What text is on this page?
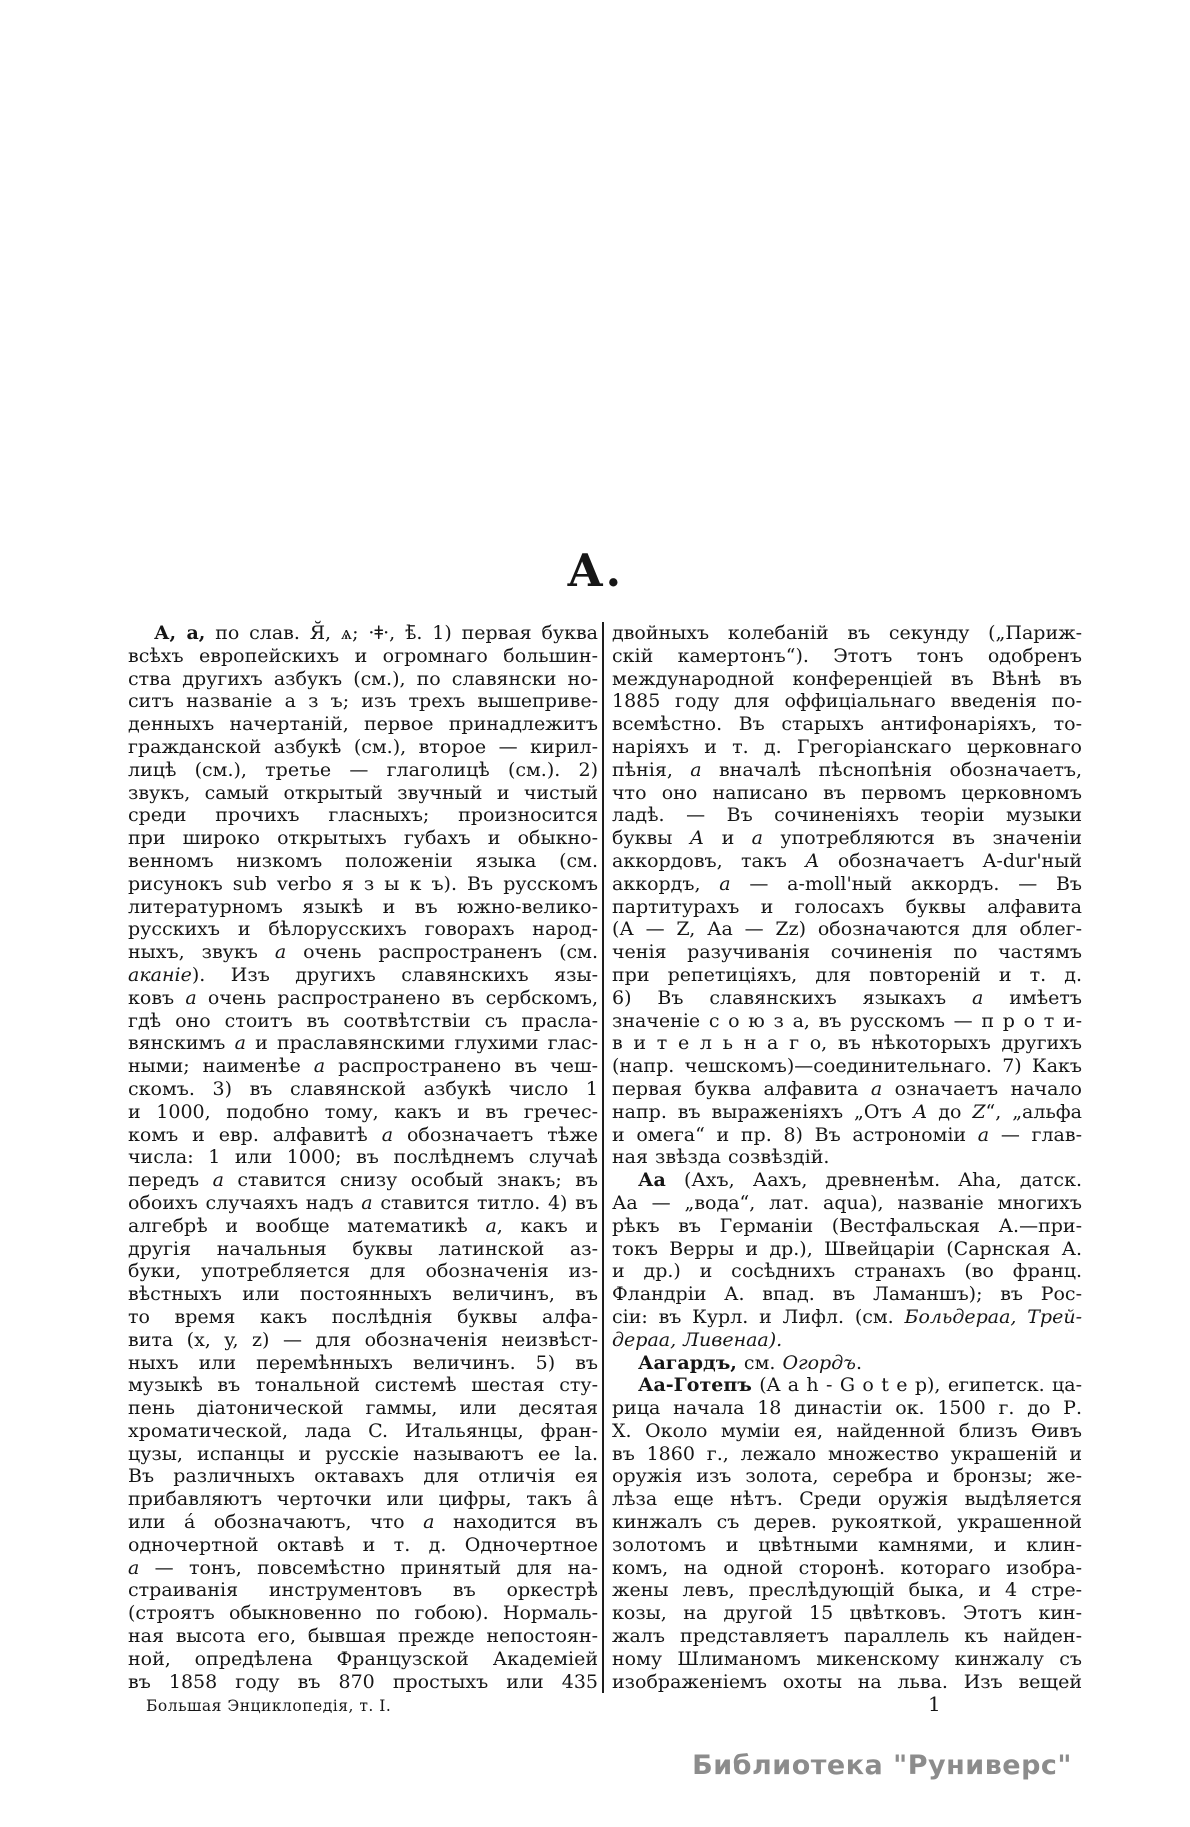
А.
А, а, по слав. Я̆, ѧ; ·ǂ·, ѣ̄. 1) первая буква
всѣхъ европейскихъ и огромнаго большин-
ства другихъ азбукъ (см.), по славянски но-
ситъ названіе а з ъ; изъ трехъ вышеприве-
денныхъ начертаній, первое принадлежитъ
гражданской азбукѣ (см.), второе — кирил-
лицѣ (см.), третье — глаголицѣ (см.). 2)
звукъ, самый открытый звучный и чистый
среди прочихъ гласныхъ; произносится
при широко открытыхъ губахъ и обыкно-
венномъ низкомъ положеніи языка (см.
рисунокъ sub verbo я з ы к ъ). Въ русскомъ
литературномъ языкѣ и въ южно-велико-
русскихъ и бѣлорусскихъ говорахъ народ-
ныхъ, звукъ а очень распространенъ (см.
аканіе). Изъ другихъ славянскихъ язы-
ковъ а очень распространено въ сербскомъ,
гдѣ оно стоитъ въ соотвѣтствіи съ прасла-
вянскимъ а и праславянскими глухими глас-
ными; наименѣе а распространено въ чеш-
скомъ. 3) въ славянской азбукѣ число 1
и 1000, подобно тому, какъ и въ гречес-
комъ и евр. алфавитѣ а обозначаетъ тѣже
числа: 1 или 1000; въ послѣднемъ случаѣ
передъ а ставится снизу особый знакъ; въ
обоихъ случаяхъ надъ а ставится титло. 4) въ
алгебрѣ и вообще математикѣ а, какъ и
другія начальныя буквы латинской аз-
буки, употребляется для обозначенія из-
вѣстныхъ или постоянныхъ величинъ, въ
то время какъ послѣднія буквы алфа-
вита (x, y, z) — для обозначенія неизвѣст-
ныхъ или перемѣнныхъ величинъ. 5) въ
музыкѣ въ тональной системѣ шестая сту-
пень діатонической гаммы, или десятая
хроматической, лада C. Итальянцы, фран-
цузы, испанцы и русскіе называютъ ее la.
Въ различныхъ октавахъ для отличія ея
прибавляютъ черточки или цифры, такъ â
или á обозначаютъ, что а находится въ
одночертной октавѣ и т. д. Одночертное
а — тонъ, повсемѣстно принятый для на-
страиванія инструментовъ въ оркестрѣ
(строятъ обыкновенно по гобою). Нормаль-
ная высота его, бывшая прежде непостоян-
ной, опредѣлена Французской Академіей
въ 1858 году въ 870 простыхъ или 435
двойныхъ колебаній въ секунду („Париж-
скій камертонъ“). Этотъ тонъ одобренъ
международной конференціей въ Вѣнѣ въ
1885 году для оффиціальнаго введенія по-
всемѣстно. Въ старыхъ антифонаріяхъ, то-
наріяхъ и т. д. Грегоріанскаго церковнаго
пѣнія, а вначалѣ пѣснопѣнія обозначаетъ,
что оно написано въ первомъ церковномъ
ладѣ. — Въ сочиненіяхъ теоріи музыки
буквы А и а употребляются въ значеніи
аккордовъ, такъ А обозначаетъ A-dur'ный
аккордъ, а — a-moll'ный аккордъ. — Въ
партитурахъ и голосахъ буквы алфавита
(А — Z, Аа — Zz) обозначаются для облег-
ченія разучиванія сочиненія по частямъ
при репетиціяхъ, для повтореній и т. д.
6) Въ славянскихъ языкахъ а имѣетъ
значеніе с о ю з а, въ русскомъ — п р о т и-
в и т е л ь н а г о, въ нѣкоторыхъ другихъ
(напр. чешскомъ)—соединительнаго. 7) Какъ
первая буква алфавита а означаетъ начало
напр. въ выраженіяхъ „Отъ А до Z“, „альфа
и омега“ и пр. 8) Въ астрономіи а — глав-
ная звѣзда созвѣздій.
Аа (Ахъ, Аахъ, древненѣм. Aha, датск.
Аа — „вода“, лат. aqua), названіе многихъ
рѣкъ въ Германіи (Вестфальская А.—при-
токъ Верры и др.), Швейцаріи (Сарнская А.
и др.) и сосѣднихъ странахъ (во франц.
Фландріи А. впад. въ Ламаншъ); въ Рос-
сіи: въ Курл. и Лифл. (см. Больдераа, Трей-
дераа, Ливенаа).
Аагардъ, см. Огордъ.
Аа-Готепъ (A a h - G o t e p), египетск. ца-
рица начала 18 династіи ок. 1500 г. до Р.
Х. Около муміи ея, найденной близъ Ѳивъ
въ 1860 г., лежало множество украшеній и
оружія изъ золота, серебра и бронзы; же-
лѣза еще нѣтъ. Среди оружія выдѣляется
кинжалъ съ дерев. рукояткой, украшенной
золотомъ и цвѣтными камнями, и клин-
комъ, на одной сторонѣ. котораго изобра-
жены левъ, преслѣдующій быка, и 4 стре-
козы, на другой 15 цвѣтковъ. Этотъ кин-
жалъ представляетъ параллель къ найден-
ному Шлиманомъ микенскому кинжалу съ
изображеніемъ охоты на льва. Изъ вещей
Большая Энциклопедія, т. I.	1
Библиотека "Руниверс"
